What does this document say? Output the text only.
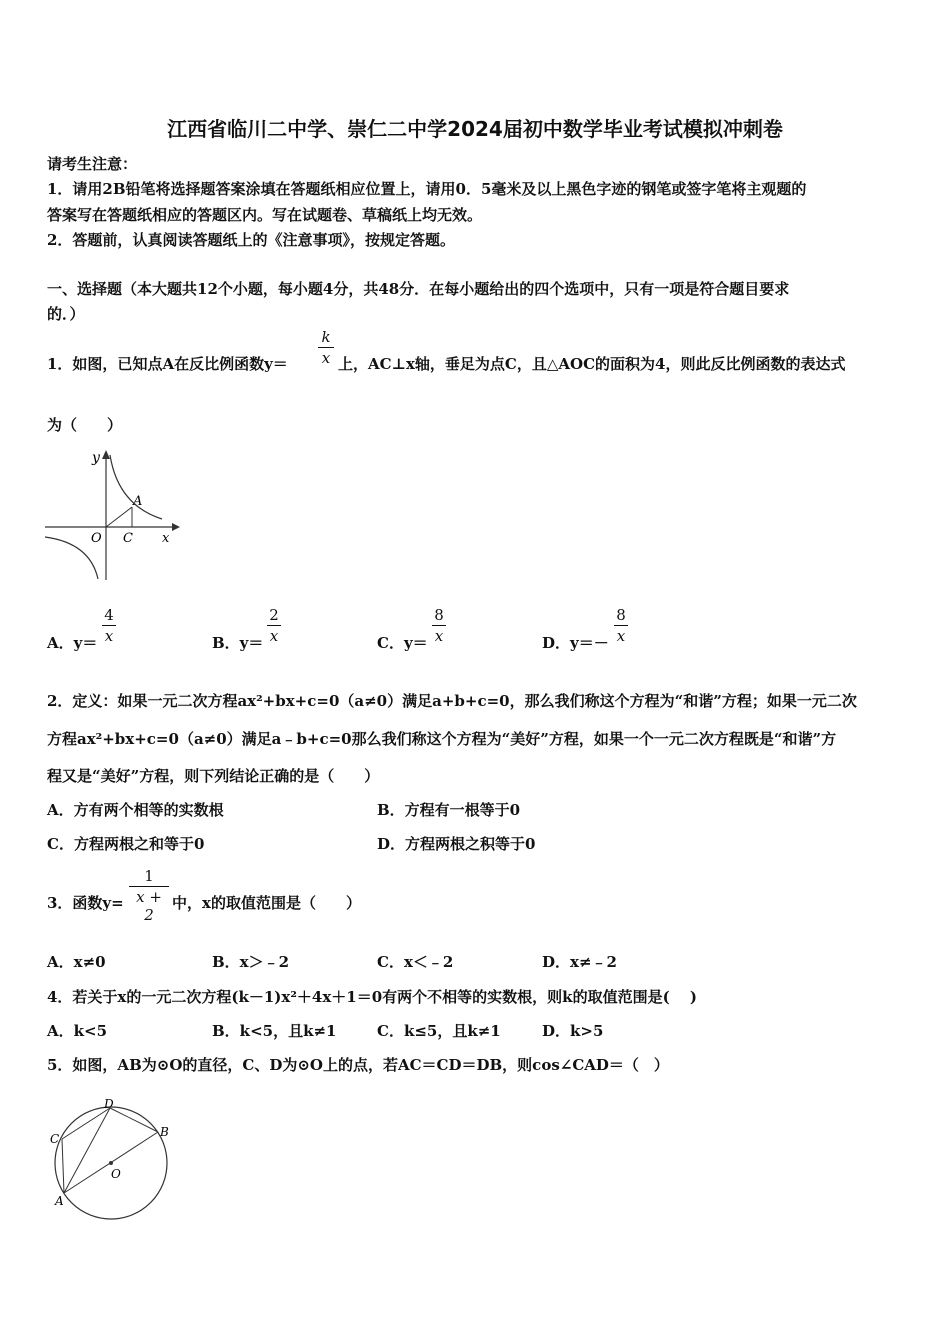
江西省临川二中学、崇仁二中学2024届初中数学毕业考试模拟冲刺卷
请考生注意：
1．请用2B铅笔将选择题答案涂填在答题纸相应位置上，请用0．5毫米及以上黑色字迹的钢笔或签字笔将主观题的
答案写在答题纸相应的答题区内。写在试题卷、草稿纸上均无效。
2．答题前，认真阅读答题纸上的《注意事项》，按规定答题。
一、选择题（本大题共12个小题，每小题4分，共48分．在每小题给出的四个选项中，只有一项是符合题目要求
的．）
1．如图，已知点A在反比例函数y＝
k
x 上，AC⊥x轴，垂足为点C，且△AOC的面积为4，则此反比例函数的表达式
为（　　）
y
A
O C x
A．y＝
4
x	B．y＝
2
x	C．y＝
8
x	D．y＝－
8
x
2．定义：如果一元二次方程ax²+bx+c=0（a≠0）满足a+b+c=0，那么我们称这个方程为“和谐”方程；如果一元二次
方程ax²+bx+c=0（a≠0）满足a﹣b+c=0那么我们称这个方程为“美好”方程，如果一个一元二次方程既是“和谐”方
程又是“美好”方程，则下列结论正确的是（　　）
A．方有两个相等的实数根	B．方程有一根等于0
C．方程两根之和等于0	D．方程两根之积等于0
3．函数y=
1
x + 2
中，x的取值范围是（　　）
A．x≠0	B．x＞﹣2	C．x＜﹣2	D．x≠﹣2
4．若关于x的一元二次方程(k－1)x²＋4x＋1＝0有两个不相等的实数根，则k的取值范围是(　 )
A．k<5	B．k<5，且k≠1	C．k≤5，且k≠1	D．k>5
5．如图，AB为⊙O的直径，C、D为⊙O上的点，若AC＝CD＝DB，则cos∠CAD＝（　）
D
C	B
O
A
